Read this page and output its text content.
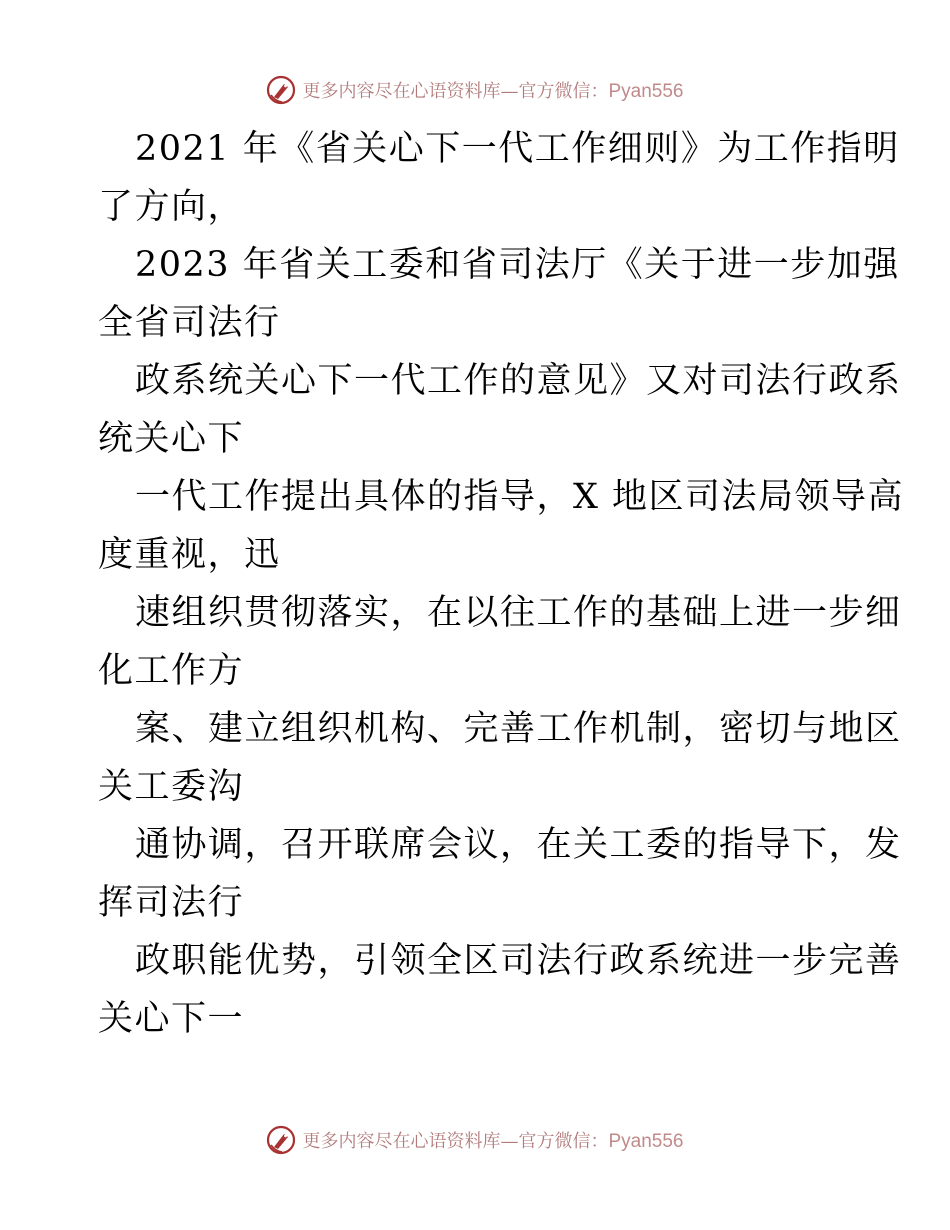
更多内容尽在心语资料库—官方微信：Pyan556
2021 年《省关心下一代工作细则》为工作指明
了方向，
2023 年省关工委和省司法厅《关于进一步加强
全省司法行
政系统关心下一代工作的意见》又对司法行政系
统关心下
一代工作提出具体的指导，X 地区司法局领导高
度重视，迅
速组织贯彻落实，在以往工作的基础上进一步细
化工作方
案、建立组织机构、完善工作机制，密切与地区
关工委沟
通协调，召开联席会议，在关工委的指导下，发
挥司法行
政职能优势，引领全区司法行政系统进一步完善
关心下一
更多内容尽在心语资料库—官方微信：Pyan556
